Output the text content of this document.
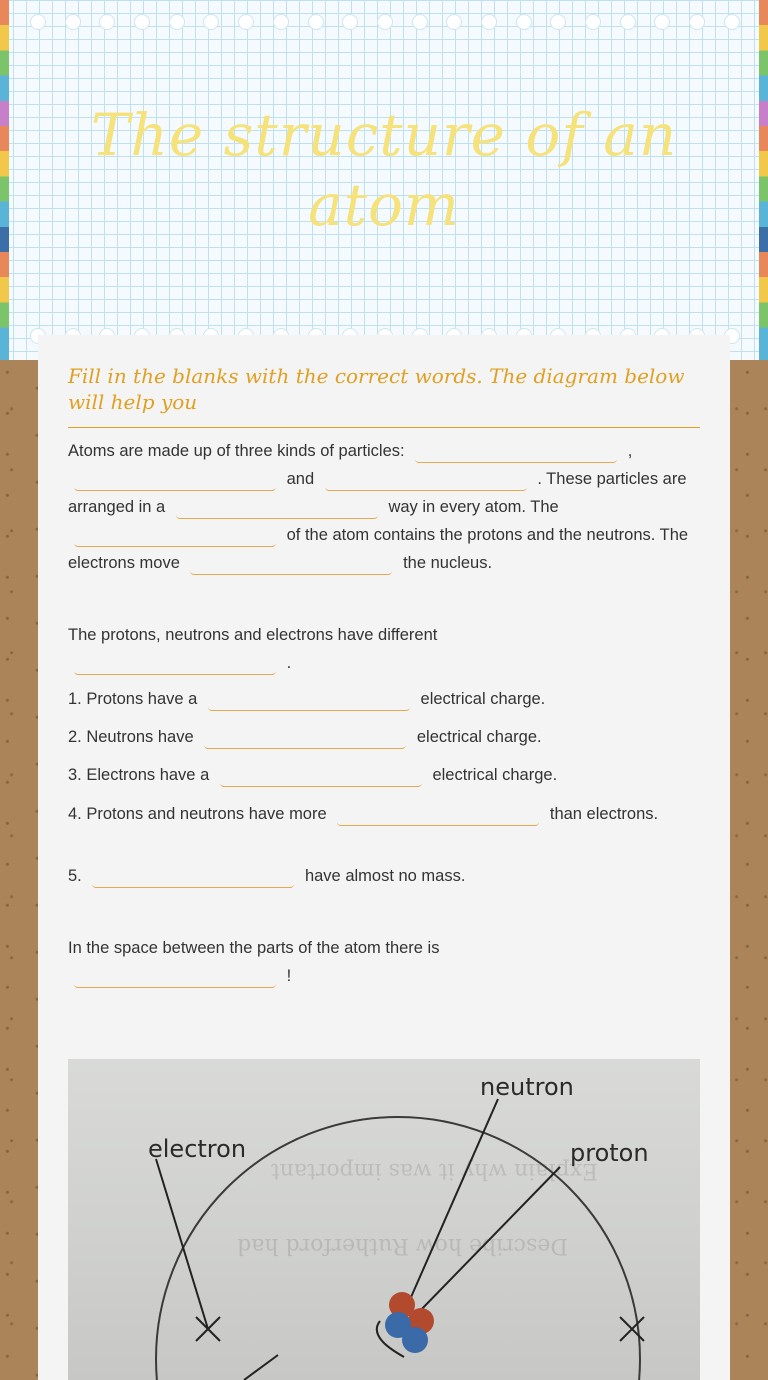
The structure of an atom
Fill in the blanks with the correct words. The diagram below will help you
Atoms are made up of three kinds of particles:	,  and	. These particles are arranged in a	way in every atom. The  of the atom contains the protons and the neutrons. The electrons move	the nucleus.
The protons, neutrons and electrons have different
.
1. Protons have a	electrical charge.
2. Neutrons have	electrical charge.
3. Electrons have a	electrical charge.
4. Protons and neutrons have more	than electrons.
5.	have almost no mass.
In the space between the parts of the atom there is
!
Explain why it was important
Describe how Rutherford had
neutron
electron	proton
